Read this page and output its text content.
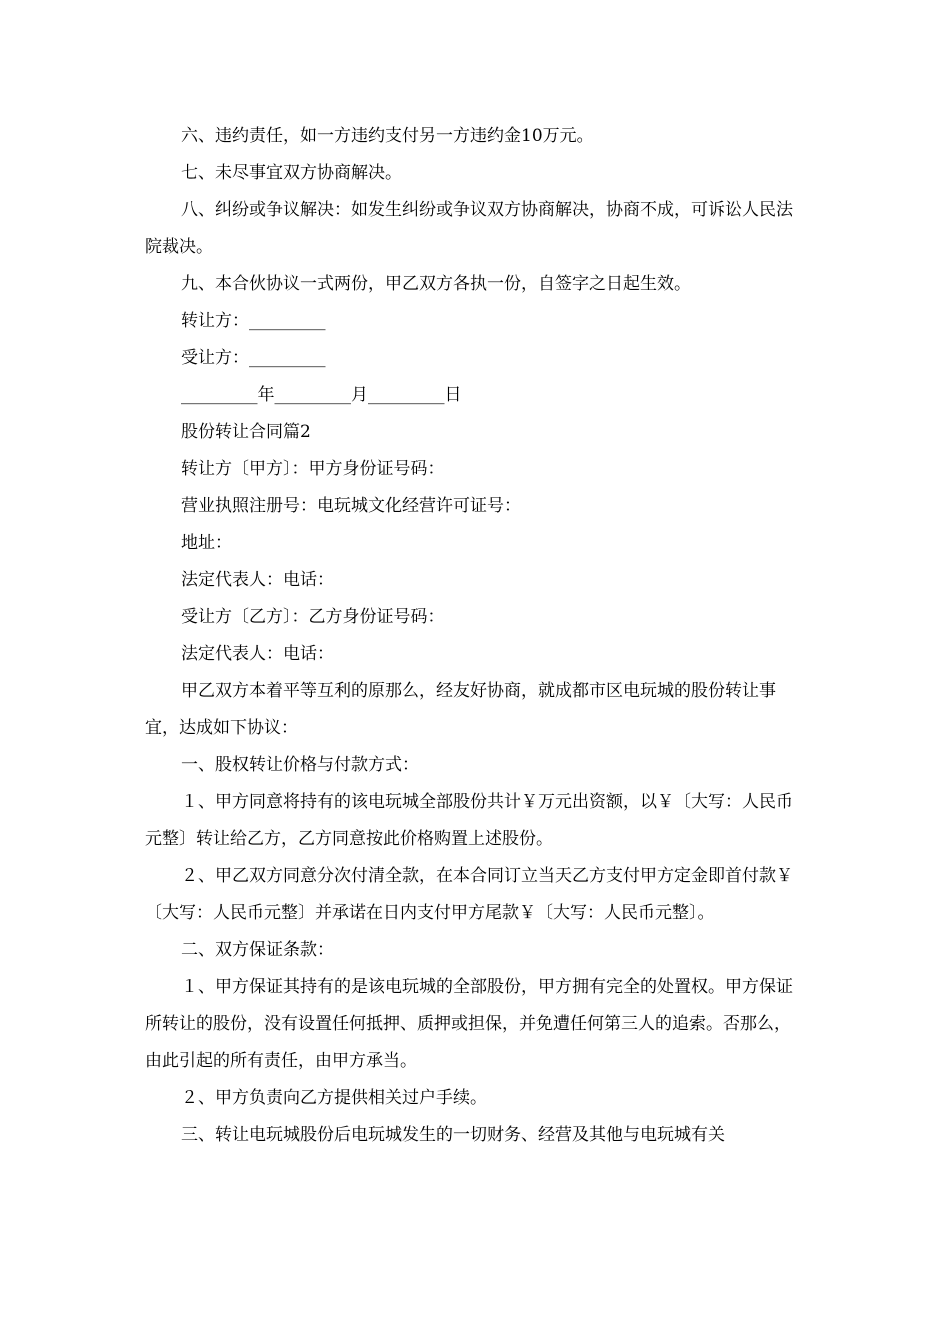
六、违约责任，如一方违约支付另一方违约金10万元。

七、未尽事宜双方协商解决。

八、纠纷或争议解决：如发生纠纷或争议双方协商解决，协商不成，可诉讼人民法院裁决。

九、本合伙协议一式两份，甲乙双方各执一份，自签字之日起生效。

转让方：_________

受让方：_________

_________年_________月_________日

股份转让合同篇2

转让方〔甲方〕：甲方身份证号码：

营业执照注册号：电玩城文化经营许可证号：

地址：

法定代表人：电话：

受让方〔乙方〕：乙方身份证号码：

法定代表人：电话：

甲乙双方本着平等互利的原那么，经友好协商，就成都市区电玩城的股份转让事宜，达成如下协议：

一、股权转让价格与付款方式：

１、甲方同意将持有的该电玩城全部股份共计￥万元出资额，以￥〔大写：人民币元整〕转让给乙方，乙方同意按此价格购置上述股份。

２、甲乙双方同意分次付清全款，在本合同订立当天乙方支付甲方定金即首付款￥〔大写：人民币元整〕并承诺在日内支付甲方尾款￥〔大写：人民币元整〕。

二、双方保证条款：

１、甲方保证其持有的是该电玩城的全部股份，甲方拥有完全的处置权。甲方保证所转让的股份，没有设置任何抵押、质押或担保，并免遭任何第三人的追索。否那么，由此引起的所有责任，由甲方承当。

２、甲方负责向乙方提供相关过户手续。

三、转让电玩城股份后电玩城发生的一切财务、经营及其他与电玩城有关
